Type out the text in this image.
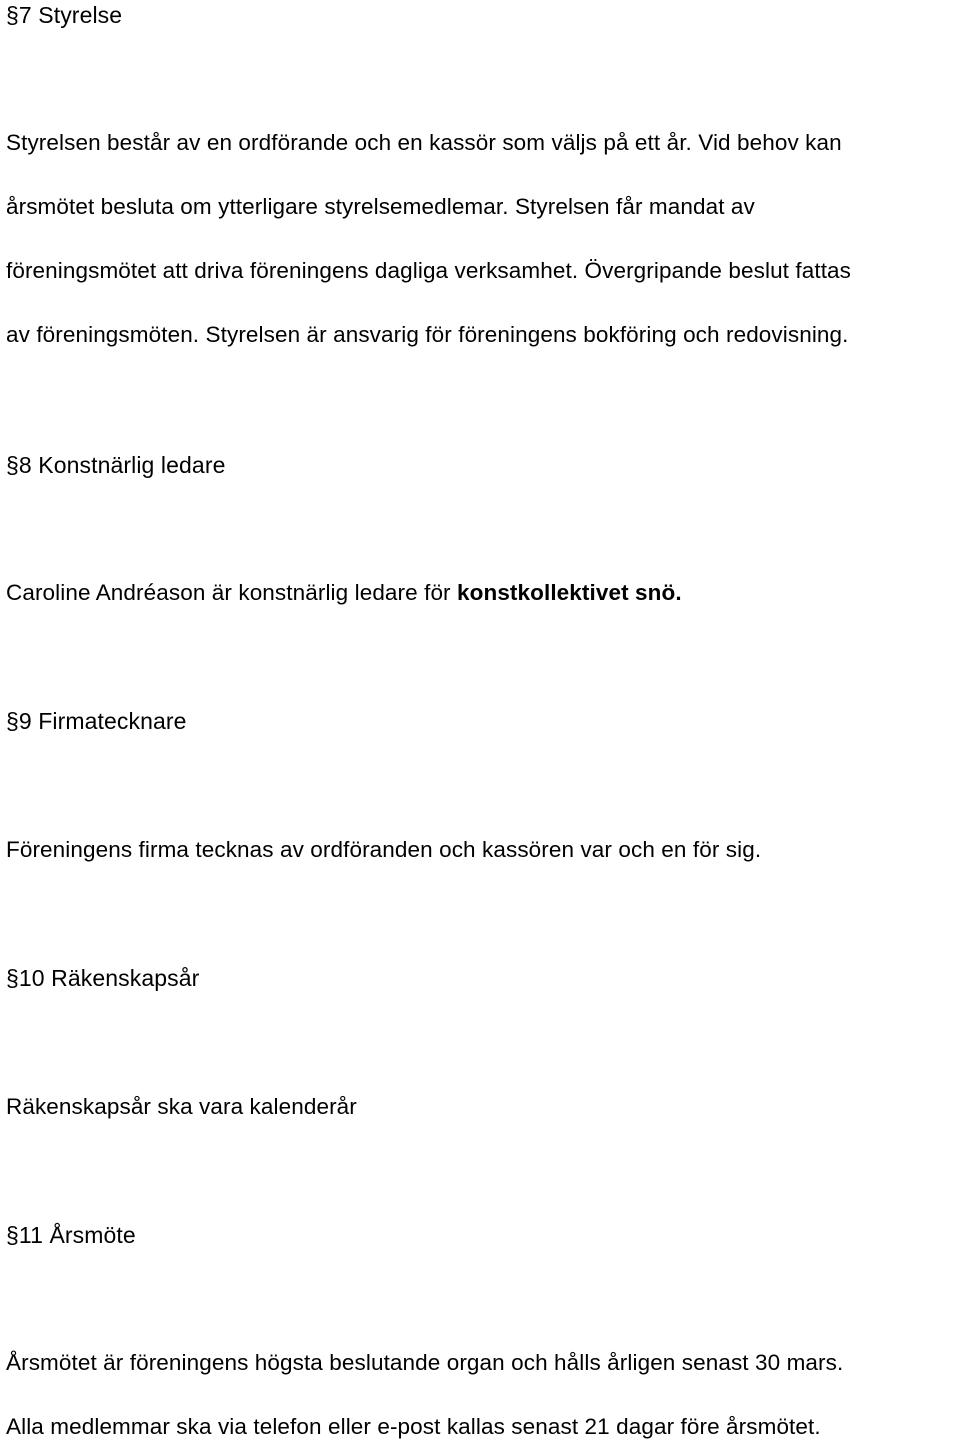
§7 Styrelse

Styrelsen består av en ordförande och en kassör som väljs på ett år. Vid behov kan

årsmötet besluta om ytterligare styrelsemedlemar. Styrelsen får mandat av

föreningsmötet att driva föreningens dagliga verksamhet. Övergripande beslut fattas

av föreningsmöten. Styrelsen är ansvarig för föreningens bokföring och redovisning.

§8 Konstnärlig ledare

Caroline Andréason är konstnärlig ledare för konstkollektivet snö.

§9 Firmatecknare

Föreningens firma tecknas av ordföranden och kassören var och en för sig.

§10 Räkenskapsår

Räkenskapsår ska vara kalenderår

§11 Årsmöte

Årsmötet är föreningens högsta beslutande organ och hålls årligen senast 30 mars.

Alla medlemmar ska via telefon eller e-post kallas senast 21 dagar före årsmötet.
